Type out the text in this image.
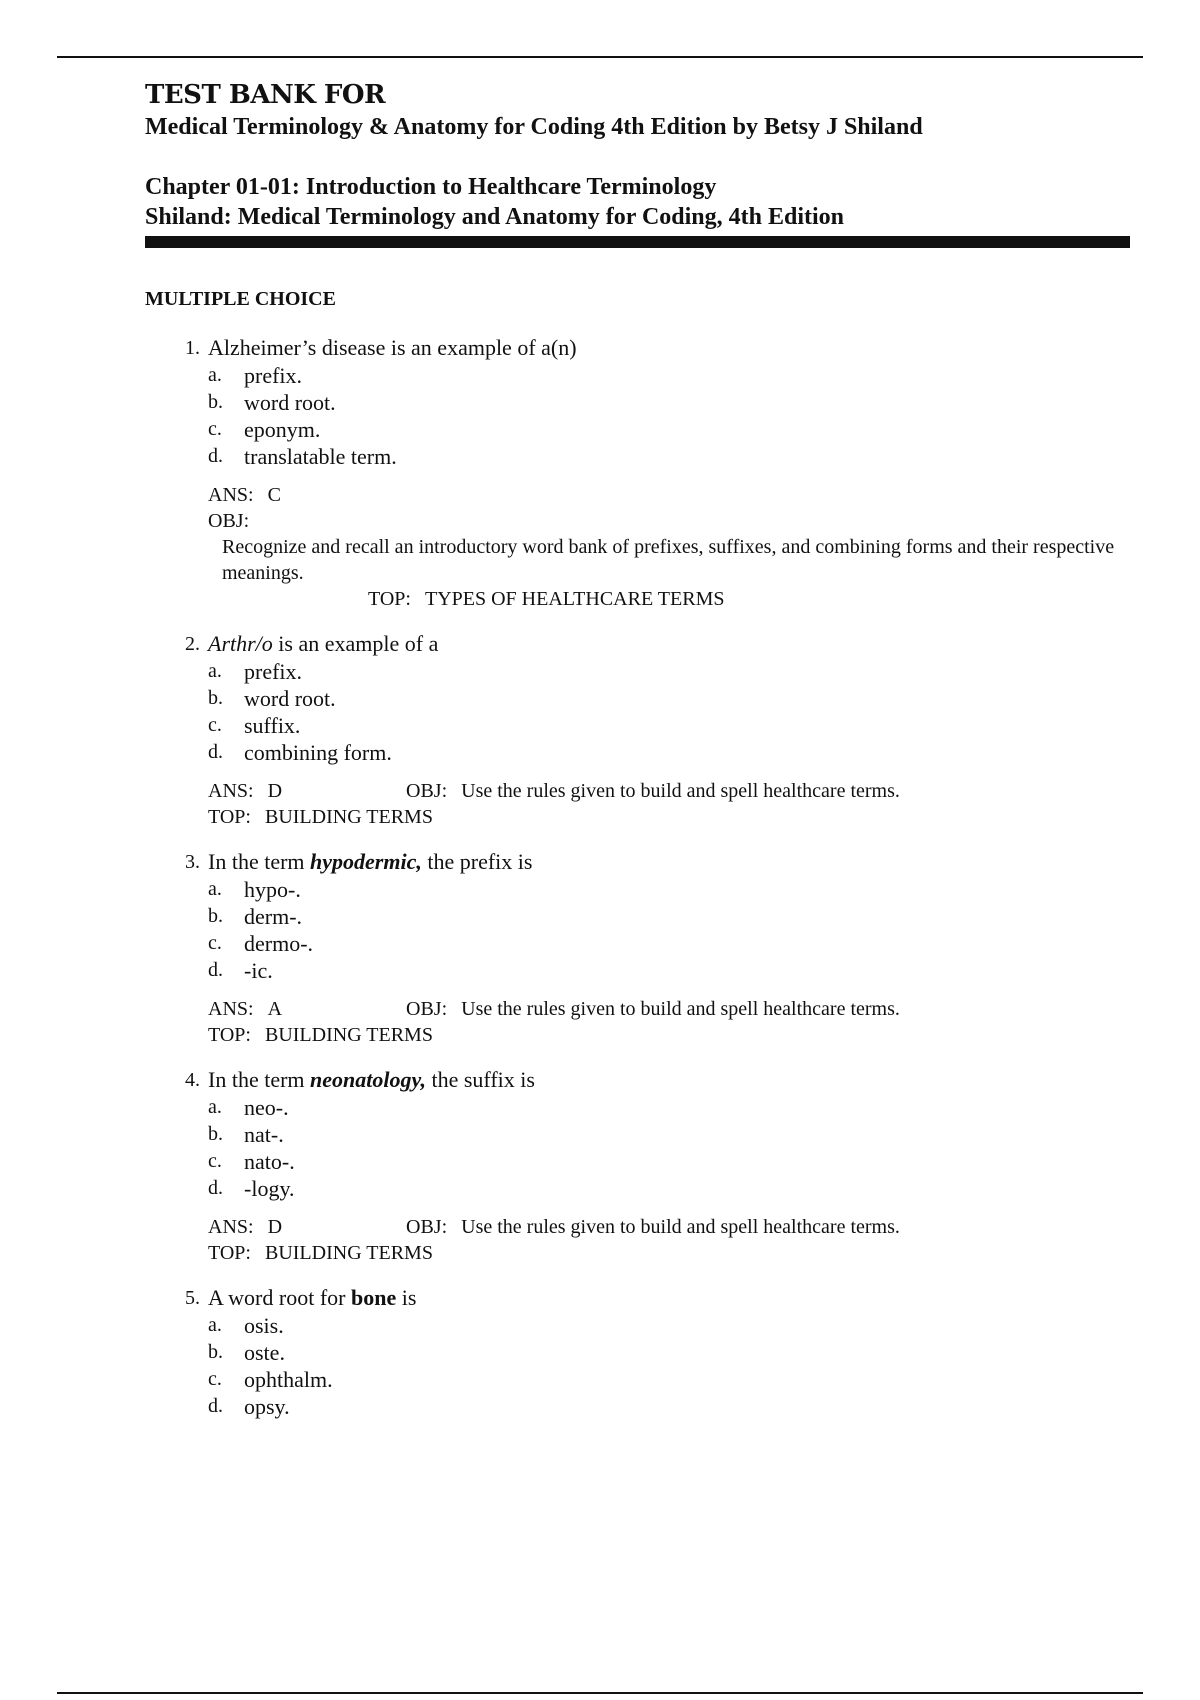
TEST BANK FOR

Medical Terminology & Anatomy for Coding 4th Edition by Betsy J Shiland

Chapter 01-01: Introduction to Healthcare Terminology

Shiland: Medical Terminology and Anatomy for Coding, 4th Edition

MULTIPLE CHOICE

1. Alzheimer’s disease is an example of a(n)
a.	prefix.
b. word root.
c.	eponym.
d. translatable term.
ANS: C
OBJ:Recognize and recall an introductory word bank of prefixes, suffixes, and combining forms and their respective meanings.TOP: TYPES OF HEALTHCARE TERMS
2. Arthr/o is an example of a
a.	prefix.
b. word root.
c.	suffix.
d. combining form.
ANS: D	OBJ: Use the rules given to build and spell healthcare terms.
TOP: BUILDING TERMS
3. In the term hypodermic, the prefix is
a.	hypo-.
b. derm-.
c.	dermo-.
d. -ic.
ANS: A	OBJ: Use the rules given to build and spell healthcare terms.
TOP: BUILDING TERMS
4. In the term neonatology, the suffix is
a.	neo-.
b. nat-.
c.	nato-.
d. -logy.
ANS: D	OBJ: Use the rules given to build and spell healthcare terms.
TOP: BUILDING TERMS
5. A word root for bone is
a.	osis.
b. oste.
c.	ophthalm.
d. opsy.
